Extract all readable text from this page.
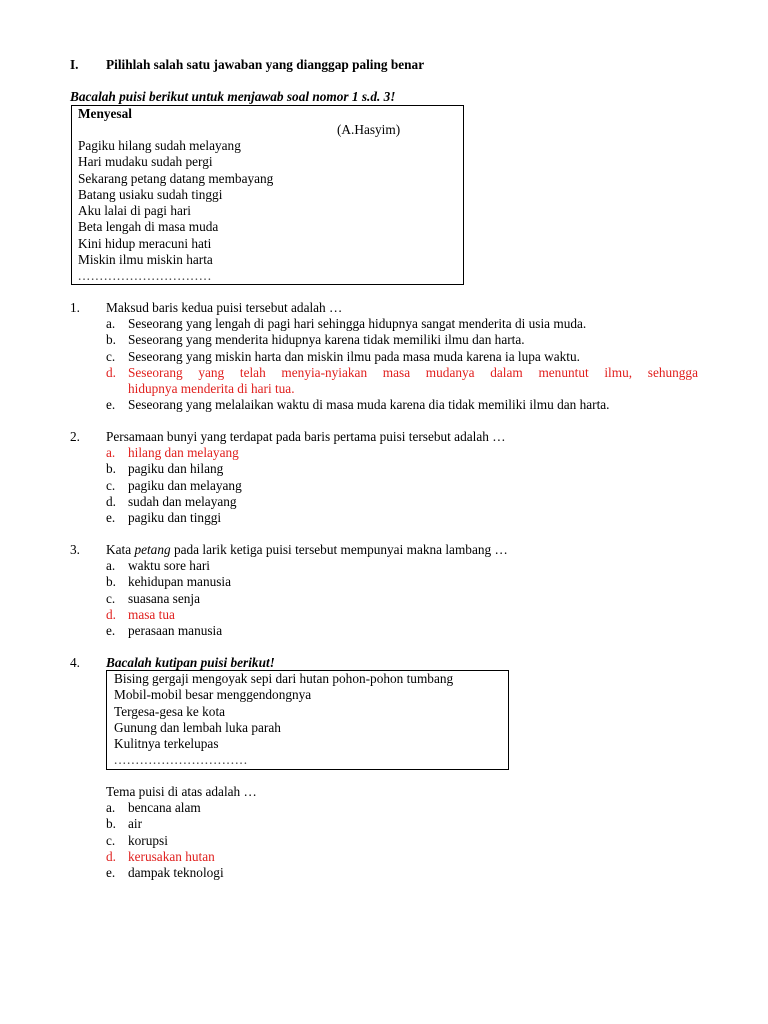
I. Pilihlah salah satu jawaban yang dianggap paling benar
Bacalah puisi berikut untuk menjawab soal nomor 1 s.d. 3!
Menyesal
(A.Hasyim)
Pagiku hilang sudah melayang
Hari mudaku sudah pergi
Sekarang petang datang membayang
Batang usiaku sudah tinggi
Aku lalai di pagi hari
Beta lengah di masa muda
Kini hidup meracuni hati
Miskin ilmu miskin harta
...............................
1. Maksud baris kedua puisi tersebut adalah …
a. Seseorang yang lengah di pagi hari sehingga hidupnya sangat menderita di usia muda.
b. Seseorang yang menderita hidupnya karena tidak memiliki ilmu dan harta.
c. Seseorang yang miskin harta dan miskin ilmu pada masa muda karena ia lupa waktu.
d. Seseorang yang telah menyia-nyiakan masa mudanya dalam menuntut ilmu, sehungga
hidupnya menderita di hari tua.
e. Seseorang yang melalaikan waktu di masa muda karena dia tidak memiliki ilmu dan harta.
2. Persamaan bunyi yang terdapat pada baris pertama puisi tersebut adalah …
a. hilang dan melayang
b. pagiku dan hilang
c. pagiku dan melayang
d. sudah dan melayang
e. pagiku dan tinggi
3. Kata petang pada larik ketiga puisi tersebut mempunyai makna lambang …
a. waktu sore hari
b. kehidupan manusia
c. suasana senja
d. masa tua
e. perasaan manusia
4. Bacalah kutipan puisi berikut!
Bising gergaji mengoyak sepi dari hutan pohon-pohon tumbang
Mobil-mobil besar menggendongnya
Tergesa-gesa ke kota
Gunung dan lembah luka parah
Kulitnya terkelupas
...............................
Tema puisi di atas adalah …
a. bencana alam
b. air
c. korupsi
d. kerusakan hutan
e. dampak teknologi
